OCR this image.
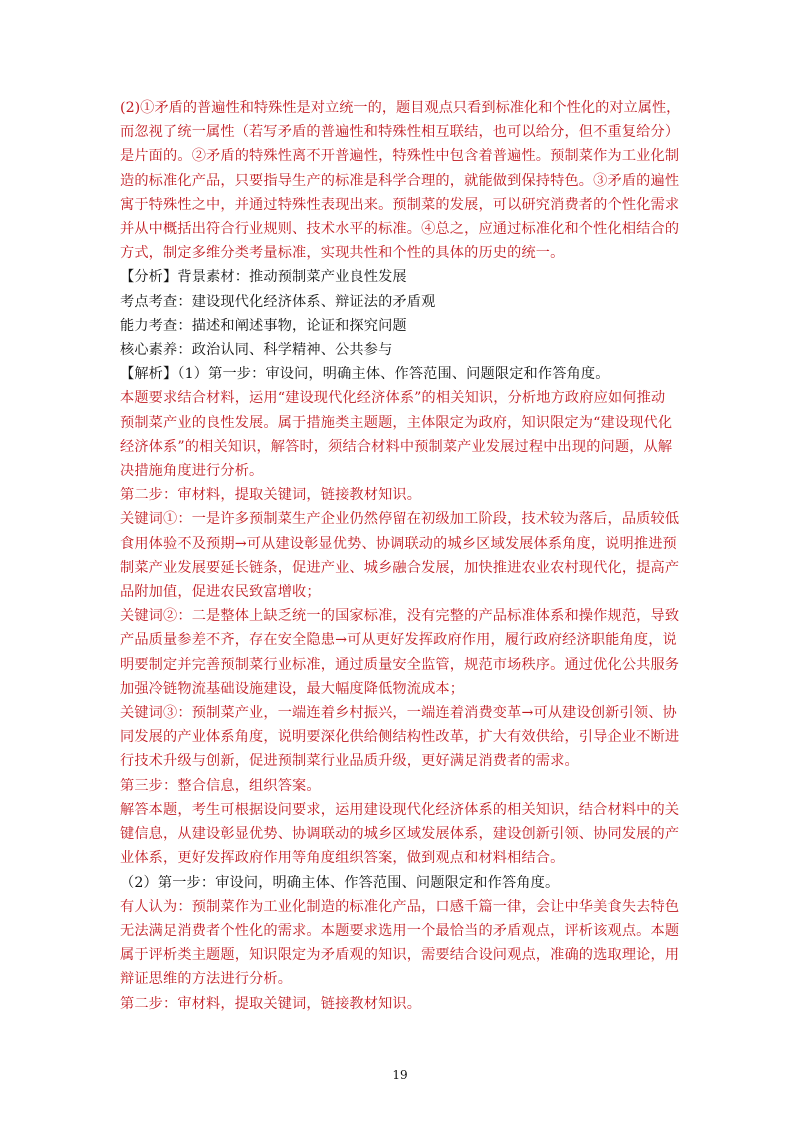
(2)①矛盾的普遍性和特殊性是对立统一的，题目观点只看到标准化和个性化的对立属性，
而忽视了统一属性（若写矛盾的普遍性和特殊性相互联结，也可以给分，但不重复给分）
是片面的。②矛盾的特殊性离不开普遍性，特殊性中包含着普遍性。预制菜作为工业化制
造的标准化产品，只要指导生产的标准是科学合理的，就能做到保持特色。③矛盾的遍性
寓于特殊性之中，并通过特殊性表现出来。预制菜的发展，可以研究消费者的个性化需求
并从中概括出符合行业规则、技术水平的标准。④总之，应通过标准化和个性化相结合的
方式，制定多维分类考量标准，实现共性和个性的具体的历史的统一。
【分析】背景素材：推动预制菜产业良性发展
考点考查：建设现代化经济体系、辩证法的矛盾观
能力考查：描述和阐述事物，论证和探究问题
核心素养：政治认同、科学精神、公共参与
【解析】（1）第一步：审设问，明确主体、作答范围、问题限定和作答角度。
本题要求结合材料，运用“建设现代化经济体系”的相关知识，分析地方政府应如何推动
预制菜产业的良性发展。属于措施类主题题，主体限定为政府，知识限定为“建设现代化
经济体系”的相关知识，解答时，须结合材料中预制菜产业发展过程中出现的问题，从解
决措施角度进行分析。
第二步：审材料，提取关键词，链接教材知识。
关键词①：一是许多预制菜生产企业仍然停留在初级加工阶段，技术较为落后，品质较低
食用体验不及预期→可从建设彰显优势、协调联动的城乡区域发展体系角度，说明推进预
制菜产业发展要延长链条，促进产业、城乡融合发展，加快推进农业农村现代化，提高产
品附加值，促进农民致富增收；
关键词②：二是整体上缺乏统一的国家标准，没有完整的产品标准体系和操作规范，导致
产品质量参差不齐，存在安全隐患→可从更好发挥政府作用，履行政府经济职能角度，说
明要制定并完善预制菜行业标准，通过质量安全监管，规范市场秩序。通过优化公共服务
加强冷链物流基础设施建设，最大幅度降低物流成本；
关键词③：预制菜产业，一端连着乡村振兴，一端连着消费变革→可从建设创新引领、协
同发展的产业体系角度，说明要深化供给侧结构性改革，扩大有效供给，引导企业不断进
行技术升级与创新，促进预制菜行业品质升级，更好满足消费者的需求。
第三步：整合信息，组织答案。
解答本题，考生可根据设问要求，运用建设现代化经济体系的相关知识，结合材料中的关
键信息，从建设彰显优势、协调联动的城乡区域发展体系，建设创新引领、协同发展的产
业体系，更好发挥政府作用等角度组织答案，做到观点和材料相结合。
（2）第一步：审设问，明确主体、作答范围、问题限定和作答角度。
有人认为：预制菜作为工业化制造的标准化产品，口感千篇一律，会让中华美食失去特色
无法满足消费者个性化的需求。本题要求选用一个最恰当的矛盾观点，评析该观点。本题
属于评析类主题题，知识限定为矛盾观的知识，需要结合设问观点，准确的选取理论，用
辩证思维的方法进行分析。
第二步：审材料，提取关键词，链接教材知识。
19
